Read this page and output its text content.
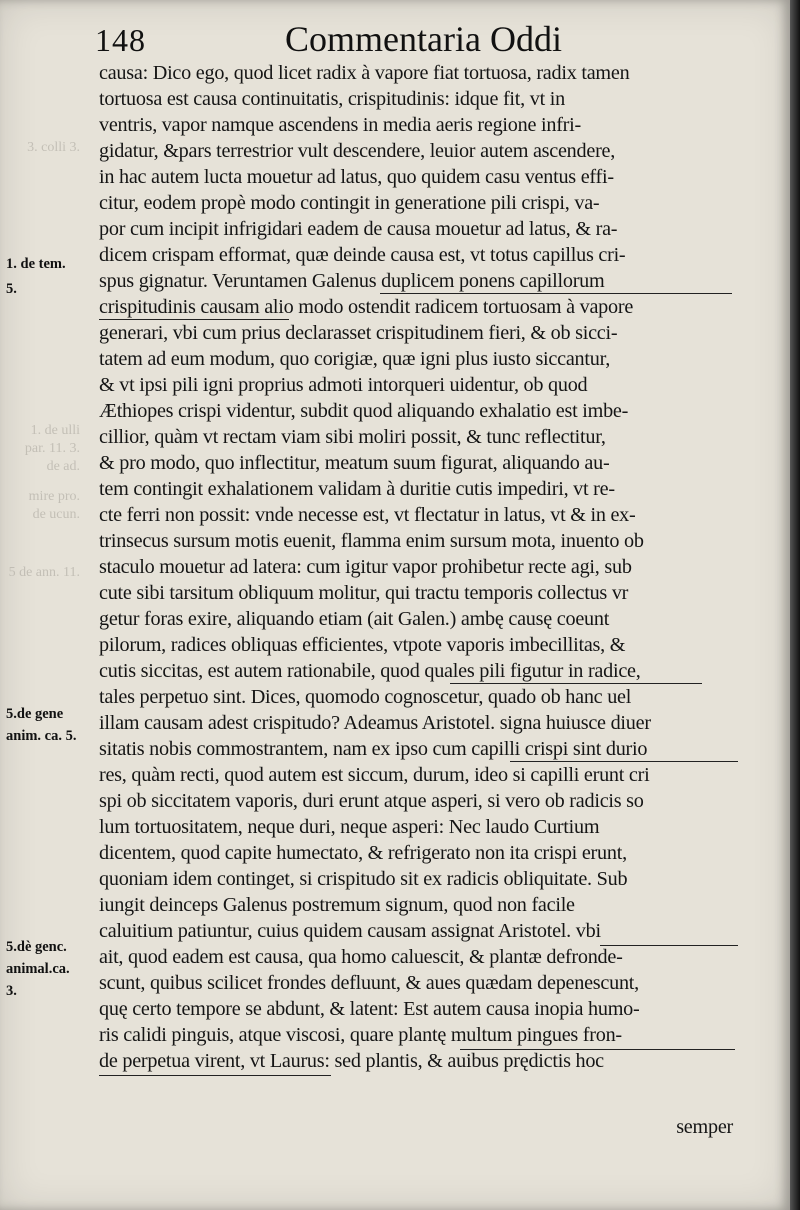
3. colli 3.
1. de ulli
par. 11. 3.
de ad.
mire pro.
de ucun.
5 de ann. 11.
148	Commentaria Oddi
1. de tem.
5.
5.de gene
anim. ca. 5.
5.dè genc.
animal.ca.
3.
causa: Dico ego, quod licet radix à vapore fiat tortuosa, radix tamen
tortuosa est causa continuitatis, crispitudinis: idque fit, vt in
ventris, vapor namque ascendens in media aeris regione infri-
gidatur, &pars terrestrior vult descendere, leuior autem ascendere,
in hac autem lucta mouetur ad latus, quo quidem casu ventus effi-
citur, eodem propè modo contingit in generatione pili crispi, va-
por cum incipit infrigidari eadem de causa mouetur ad latus, & ra-
dicem crispam efformat, quæ deinde causa est, vt totus capillus cri-
spus gignatur. Veruntamen Galenus duplicem ponens capillorum
crispitudinis causam alio modo ostendit radicem tortuosam à vapore
generari, vbi cum prius declarasset crispitudinem fieri, & ob sicci-
tatem ad eum modum, quo corigiæ, quæ igni plus iusto siccantur,
& vt ipsi pili igni proprius admoti intorqueri uidentur, ob quod
Æthiopes crispi videntur, subdit quod aliquando exhalatio est imbe-
cillior, quàm vt rectam viam sibi moliri possit, & tunc reflectitur,
& pro modo, quo inflectitur, meatum suum figurat, aliquando au-
tem contingit exhalationem validam à duritie cutis impediri, vt re-
cte ferri non possit: vnde necesse est, vt flectatur in latus, vt & in ex-
trinsecus sursum motis euenit, flamma enim sursum mota, inuento ob
staculo mouetur ad latera: cum igitur vapor prohibetur recte agi, sub
cute sibi tarsitum obliquum molitur, qui tractu temporis collectus vr
getur foras exire, aliquando etiam (ait Galen.) ambę causę coeunt
pilorum, radices obliquas efficientes, vtpote vaporis imbecillitas, &
cutis siccitas, est autem rationabile, quod quales pili figutur in radice,
tales perpetuo sint. Dices, quomodo cognoscetur, quado ob hanc uel
illam causam adest crispitudo? Adeamus Aristotel. signa huiusce diuer
sitatis nobis commostrantem, nam ex ipso cum capilli crispi sint durio
res, quàm recti, quod autem est siccum, durum, ideo si capilli erunt cri
spi ob siccitatem vaporis, duri erunt atque asperi, si vero ob radicis so
lum tortuositatem, neque duri, neque asperi: Nec laudo Curtium
dicentem, quod capite humectato, & refrigerato non ita crispi erunt,
quoniam idem continget, si crispitudo sit ex radicis obliquitate. Sub
iungit deinceps Galenus postremum signum, quod non facile
caluitium patiuntur, cuius quidem causam assignat Aristotel. vbi
ait, quod eadem est causa, qua homo caluescit, & plantæ defronde-
scunt, quibus scilicet frondes defluunt, & aues quædam depenescunt,
quę certo tempore se abdunt, & latent: Est autem causa inopia humo-
ris calidi pinguis, atque viscosi, quare plantę multum pingues fron-
de perpetua virent, vt Laurus: sed plantis, & auibus prędictis hoc
semper
